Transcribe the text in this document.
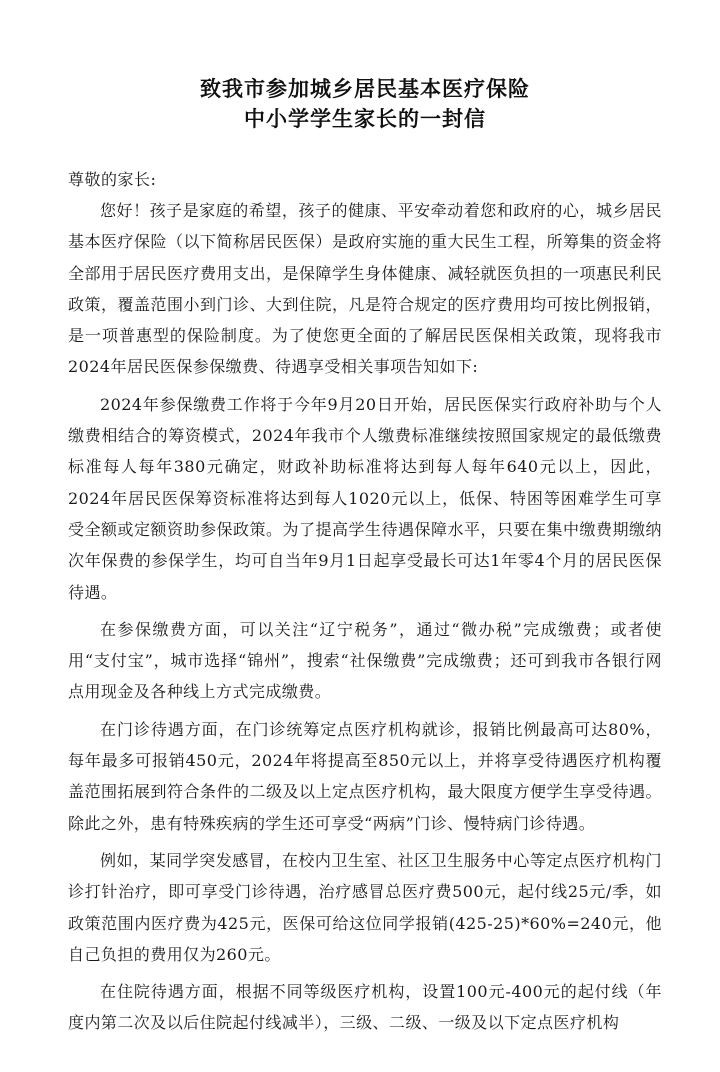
致我市参加城乡居民基本医疗保险
中小学学生家长的一封信
尊敬的家长:

您好！孩子是家庭的希望，孩子的健康、平安牵动着您和政府的心，城乡居民基本医疗保险（以下简称居民医保）是政府实施的重大民生工程，所筹集的资金将全部用于居民医疗费用支出，是保障学生身体健康、减轻就医负担的一项惠民利民政策，覆盖范围小到门诊、大到住院，凡是符合规定的医疗费用均可按比例报销，是一项普惠型的保险制度。为了使您更全面的了解居民医保相关政策，现将我市2024年居民医保参保缴费、待遇享受相关事项告知如下:

2024年参保缴费工作将于今年9月20日开始，居民医保实行政府补助与个人缴费相结合的筹资模式，2024年我市个人缴费标准继续按照国家规定的最低缴费标准每人每年380元确定，财政补助标准将达到每人每年640元以上，因此，2024年居民医保筹资标准将达到每人1020元以上，低保、特困等困难学生可享受全额或定额资助参保政策。为了提高学生待遇保障水平，只要在集中缴费期缴纳次年保费的参保学生，均可自当年9月1日起享受最长可达1年零4个月的居民医保待遇。

在参保缴费方面，可以关注“辽宁税务”，通过“微办税”完成缴费；或者使用“支付宝”，城市选择“锦州”，搜索“社保缴费”完成缴费；还可到我市各银行网点用现金及各种线上方式完成缴费。

在门诊待遇方面，在门诊统筹定点医疗机构就诊，报销比例最高可达80%，每年最多可报销450元，2024年将提高至850元以上，并将享受待遇医疗机构覆盖范围拓展到符合条件的二级及以上定点医疗机构，最大限度方便学生享受待遇。除此之外，患有特殊疾病的学生还可享受“两病”门诊、慢特病门诊待遇。

例如，某同学突发感冒，在校内卫生室、社区卫生服务中心等定点医疗机构门诊打针治疗，即可享受门诊待遇，治疗感冒总医疗费500元，起付线25元/季，如政策范围内医疗费为425元，医保可给这位同学报销(425-25)*60%=240元，他自己负担的费用仅为260元。

在住院待遇方面，根据不同等级医疗机构，设置100元-400元的起付线（年度内第二次及以后住院起付线减半），三级、二级、一级及以下定点医疗机构
